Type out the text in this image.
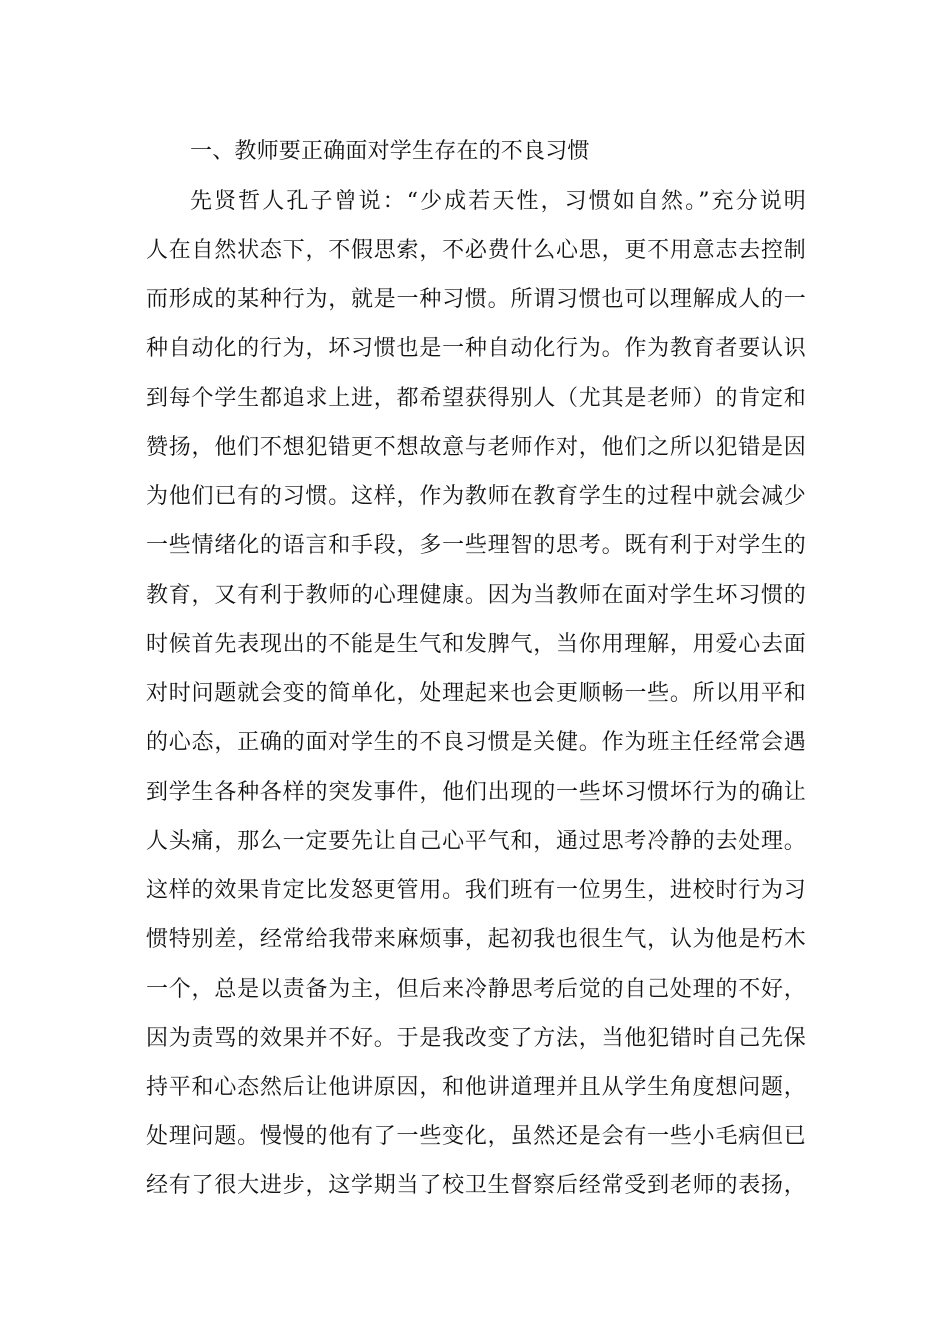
一、教师要正确面对学生存在的不良习惯
先贤哲人孔子曾说：“少成若天性，习惯如自然。”充分说明
人在自然状态下，不假思索，不必费什么心思，更不用意志去控制
而形成的某种行为，就是一种习惯。所谓习惯也可以理解成人的一
种自动化的行为，坏习惯也是一种自动化行为。作为教育者要认识
到每个学生都追求上进，都希望获得别人（尤其是老师）的肯定和
赞扬，他们不想犯错更不想故意与老师作对，他们之所以犯错是因
为他们已有的习惯。这样，作为教师在教育学生的过程中就会减少
一些情绪化的语言和手段，多一些理智的思考。既有利于对学生的
教育，又有利于教师的心理健康。因为当教师在面对学生坏习惯的
时候首先表现出的不能是生气和发脾气，当你用理解，用爱心去面
对时问题就会变的简单化，处理起来也会更顺畅一些。所以用平和
的心态，正确的面对学生的不良习惯是关健。作为班主任经常会遇
到学生各种各样的突发事件，他们出现的一些坏习惯坏行为的确让
人头痛，那么一定要先让自己心平气和，通过思考冷静的去处理。
这样的效果肯定比发怒更管用。我们班有一位男生，进校时行为习
惯特别差，经常给我带来麻烦事，起初我也很生气，认为他是朽木
一个，总是以责备为主，但后来冷静思考后觉的自己处理的不好，
因为责骂的效果并不好。于是我改变了方法，当他犯错时自己先保
持平和心态然后让他讲原因，和他讲道理并且从学生角度想问题，
处理问题。慢慢的他有了一些变化，虽然还是会有一些小毛病但已
经有了很大进步，这学期当了校卫生督察后经常受到老师的表扬，
